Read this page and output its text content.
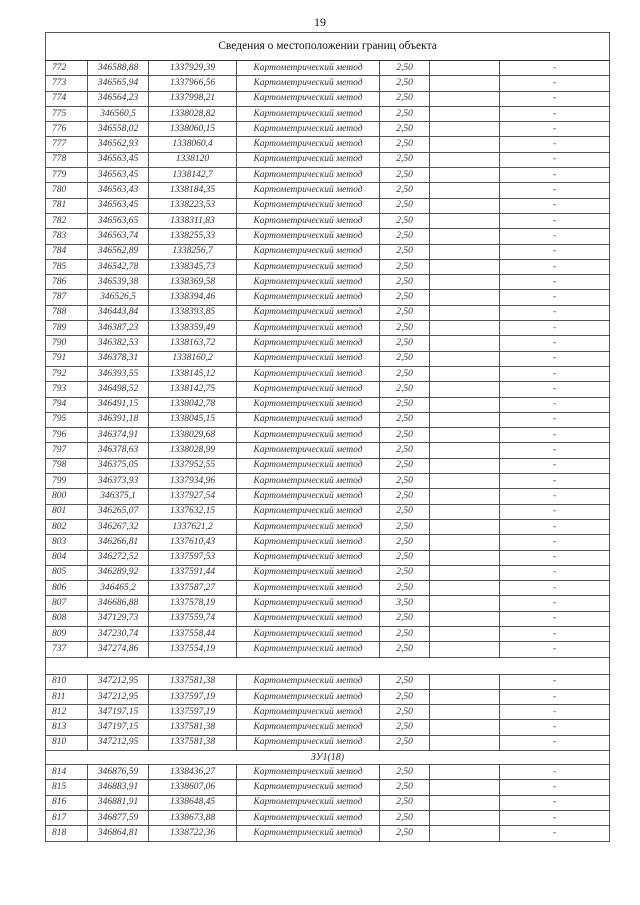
19
Сведения о местоположении границ объекта						
772	346588,88	1337929,39	Картометрический метод	2,50		-
773	346565,94	1337966,56	Картометрический метод	2,50		-
774	346564,23	1337998,21	Картометрический метод	2,50		-
775	346560,5	1338028,82	Картометрический метод	2,50		-
776	346558,02	1338060,15	Картометрический метод	2,50		-
777	346562,93	1338060,4	Картометрический метод	2,50		-
778	346563,45	1338120	Картометрический метод	2,50		-
779	346563,45	1338142,7	Картометрический метод	2,50		-
780	346563,43	1338184,35	Картометрический метод	2,50		-
781	346563,45	1338223,53	Картометрический метод	2,50		-
782	346563,65	1338311,83	Картометрический метод	2,50		-
783	346563,74	1338255,33	Картометрический метод	2,50		-
784	346562,89	1338256,7	Картометрический метод	2,50		-
785	346542,78	1338345,73	Картометрический метод	2,50		-
786	346539,38	1338369,58	Картометрический метод	2,50		-
787	346526,5	1338394,46	Картометрический метод	2,50		-
788	346443,84	1338393,85	Картометрический метод	2,50		-
789	346387,23	1338359,49	Картометрический метод	2,50		-
790	346382,53	1338163,72	Картометрический метод	2,50		-
791	346378,31	1338160,2	Картометрический метод	2,50		-
792	346393,55	1338145,12	Картометрический метод	2,50		-
793	346498,52	1338142,75	Картометрический метод	2,50		-
794	346491,15	1338042,78	Картометрический метод	2,50		-
795	346391,18	1338045,15	Картометрический метод	2,50		-
796	346374,91	1338029,68	Картометрический метод	2,50		-
797	346378,63	1338028,99	Картометрический метод	2,50		-
798	346375,05	1337952,55	Картометрический метод	2,50		-
799	346373,93	1337934,96	Картометрический метод	2,50		-
800	346375,1	1337927,54	Картометрический метод	2,50		-
801	346265,07	1337632,15	Картометрический метод	2,50		-
802	346267,32	1337621,2	Картометрический метод	2,50		-
803	346266,81	1337610,43	Картометрический метод	2,50		-
804	346272,52	1337597,53	Картометрический метод	2,50		-
805	346289,92	1337591,44	Картометрический метод	2,50		-
806	346465,2	1337587,27	Картометрический метод	2,50		-
807	346686,88	1337578,19	Картометрический метод	3,50		-
808	347129,73	1337559,74	Картометрический метод	2,50		-
809	347230,74	1337558,44	Картометрический метод	2,50		-
737	347274,86	1337554,19	Картометрический метод	2,50		-

810	347212,95	1337581,38	Картометрический метод	2,50		-
811	347212,95	1337597,19	Картометрический метод	2,50		-
812	347197,15	1337597,19	Картометрический метод	2,50		-
813	347197,15	1337581,38	Картометрический метод	2,50		-
810	347212,95	1337581,38	Картометрический метод	2,50		-
ЗУ1(18)						
814	346876,59	1338436,27	Картометрический метод	2,50		-
815	346883,91	1338607,06	Картометрический метод	2,50		-
816	346881,91	1338648,45	Картометрический метод	2,50		-
817	346877,59	1338673,88	Картометрический метод	2,50		-
818	346864,81	1338722,36	Картометрический метод	2,50		-
